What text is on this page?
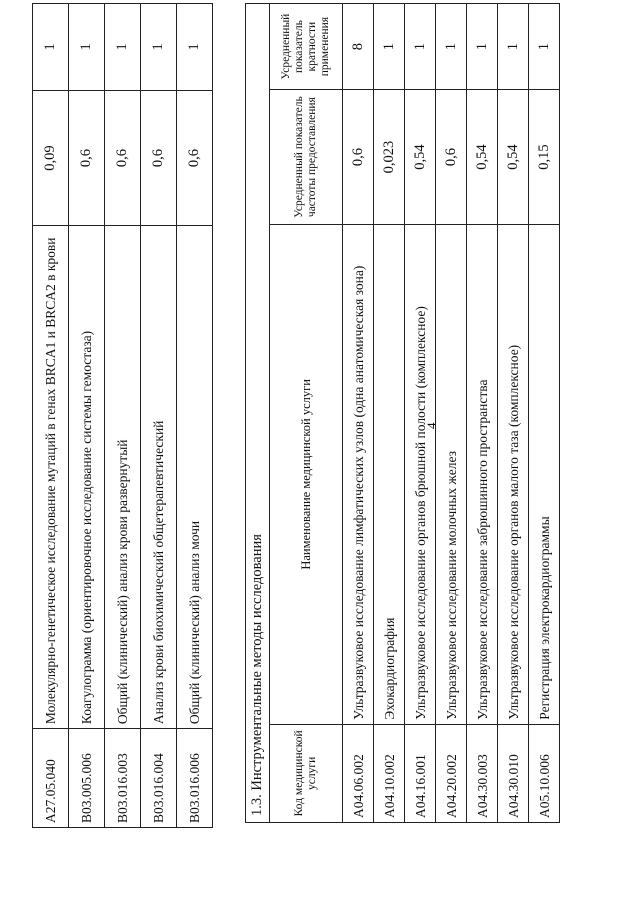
4
A27.05.040	Молекулярно-генетическое исследование мутаций в генах BRCA1 и BRCA2 в крови	0,09	1
B03.005.006	Коагулограмма (ориентировочное исследование системы гемостаза)	0,6	1
B03.016.003	Общий (клинический) анализ крови развернутый	0,6	1
B03.016.004	Анализ крови биохимический общетерапевтический	0,6	1
B03.016.006	Общий (клинический) анализ мочи	0,6	1
1.3. Инструментальные методы исследования			
Код медицинской услуги	Наименование медицинской услуги	Усредненный показатель частоты предоставления	Усредненный показатель кратности применения
A04.06.002	Ультразвуковое исследование лимфатических узлов (одна анатомическая зона)	0,6	8
A04.10.002	Эхокардиография	0,023	1
A04.16.001	Ультразвуковое исследование органов брюшной полости (комплексное)	0,54	1
A04.20.002	Ультразвуковое исследование молочных желез	0,6	1
A04.30.003	Ультразвуковое исследование забрюшинного пространства	0,54	1
A04.30.010	Ультразвуковое исследование органов малого таза (комплексное)	0,54	1
A05.10.006	Регистрация электрокардиограммы	0,15	1
